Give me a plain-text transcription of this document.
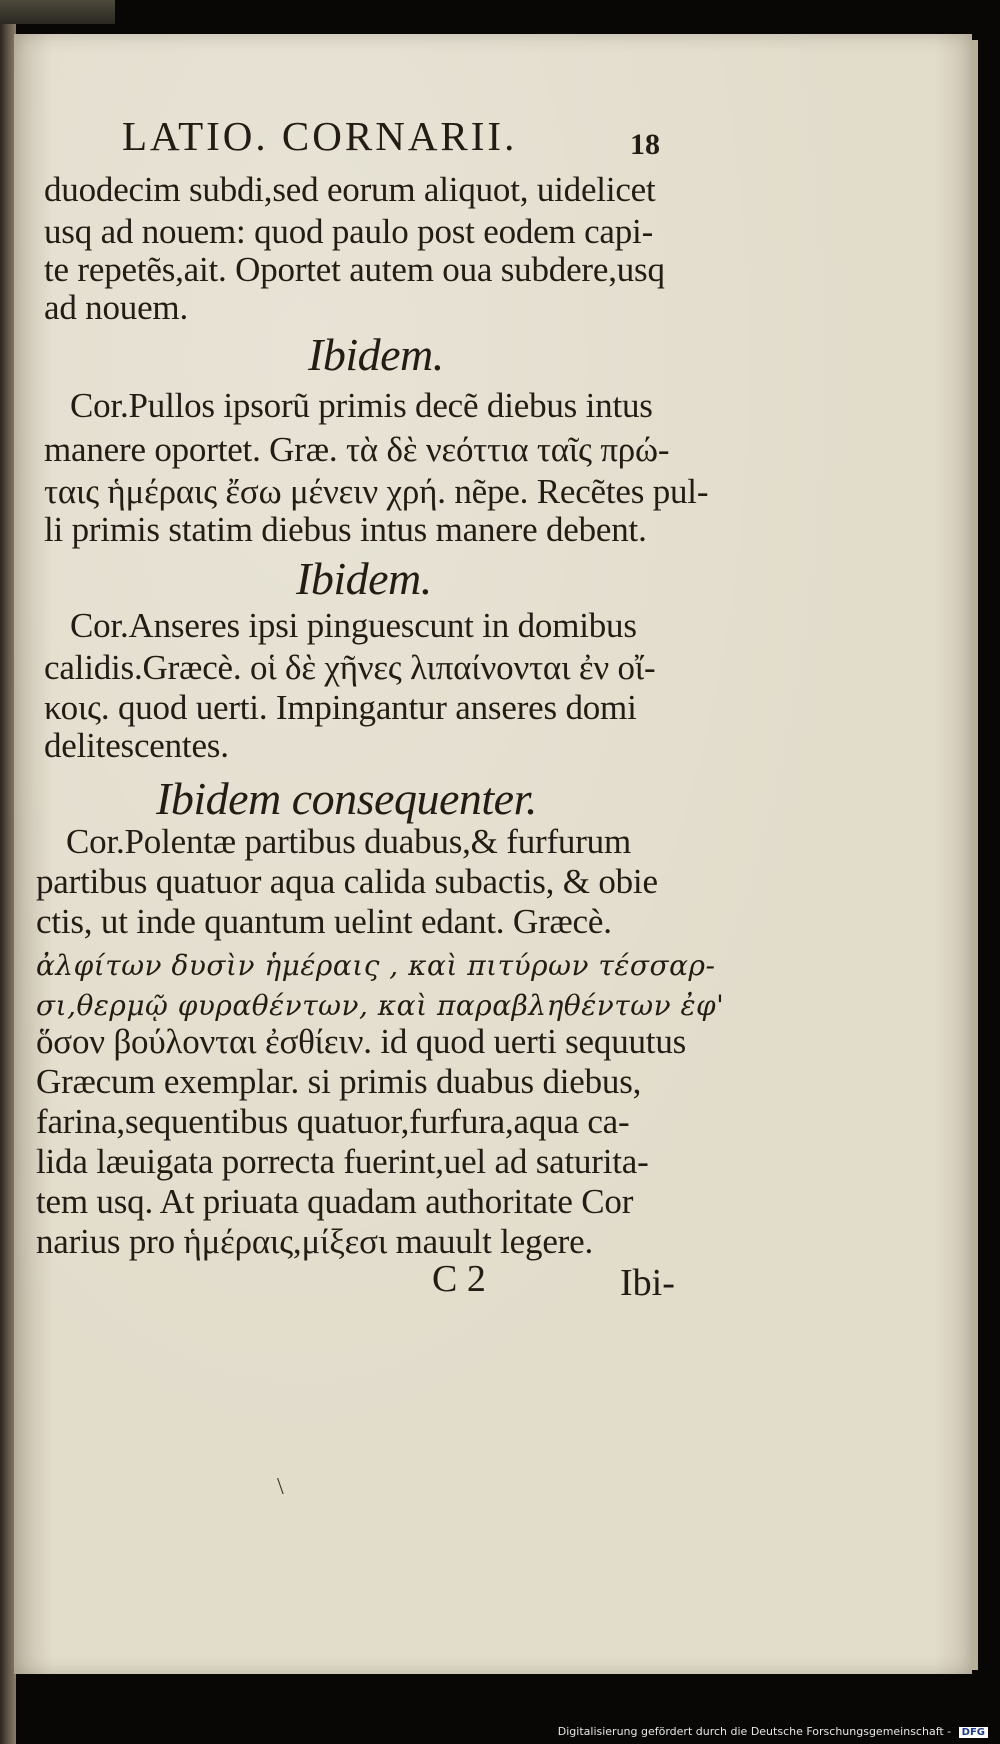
LATIO. CORNARII.	18
duodecim subdi,sed eorum aliquot, uidelicet
usq ad nouem: quod paulo post eodem capi-
te repetẽs,ait. Oportet autem oua subdere,usq
ad nouem.
Ibidem.
Cor.Pullos ipsorũ primis decẽ diebus intus
manere oportet. Græ. τὰ δὲ νεόττια ταῖς πρώ-
ταις ἡμέραις ἔσω μένειν χρή. nẽpe. Recẽtes pul-
li primis statim diebus intus manere debent.
Ibidem.
Cor.Anseres ipsi pinguescunt in domibus
calidis.Græcè. οἱ δὲ χῆνες λιπαίνονται ἐν οἴ-
κοις. quod uerti. Impingantur anseres domi
delitescentes.
Ibidem consequenter.
Cor.Polentæ partibus duabus,& furfurum
partibus quatuor aqua calida subactis, & obie
ctis, ut inde quantum uelint edant. Græcè.
ἀλφίτων δυσὶν ἡμέραις , καὶ πιτύρων τέσσαρ-
σι,θερμῷ φυραθέντων, καὶ παραβληθέντων ἐφ'
ὅσον βούλονται ἐσθίειν. id quod uerti sequutus
Græcum exemplar. si primis duabus diebus,
farina,sequentibus quatuor,furfura,aqua ca-
lida læuigata porrecta fuerint,uel ad saturita-
tem usq. At priuata quadam authoritate Cor
narius pro ἡμέραις,μίξεσι mauult legere.
C 2	Ibi-
\
Digitalisierung gefördert durch die Deutsche Forschungsgemeinschaft - DFG
